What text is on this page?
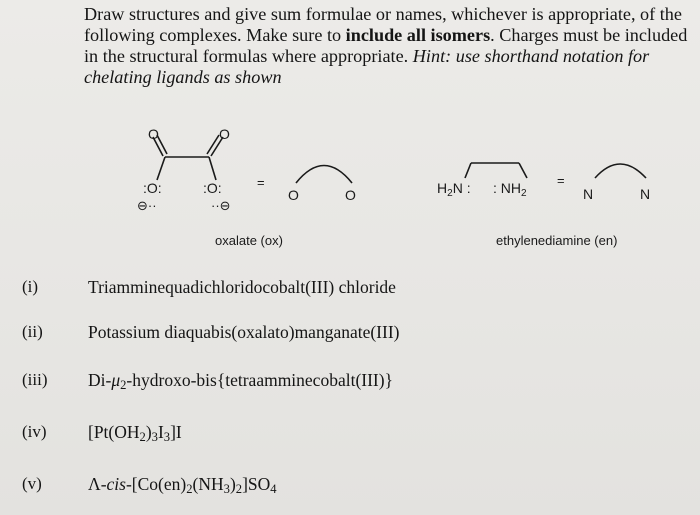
Draw structures and give sum formulae or names, whichever is appropriate, of the following complexes. Make sure to include all isomers. Charges must be included in the structural formulas where appropriate. Hint: use shorthand notation for chelating ligands as shown

O	O
:O:	:O:
⊖··	··⊖
=
O	O	$H_2N$ : : $NH_2$
=
N	N
oxalate (ox)	ethylenediamine (en)
(i)	Triamminequadichloridocobalt(III) chloride
(ii)	Potassium diaquabis(oxalato)manganate(III)
(iii) $Di-\mu_2-hydroxo-bis\{tetraamminecobalt(III)\}$
(iv) $[Pt(OH_2)_3I_3]I$
(v)	$\Lambda-cis-[Co(en)_2(NH_3)_2]SO_4$
